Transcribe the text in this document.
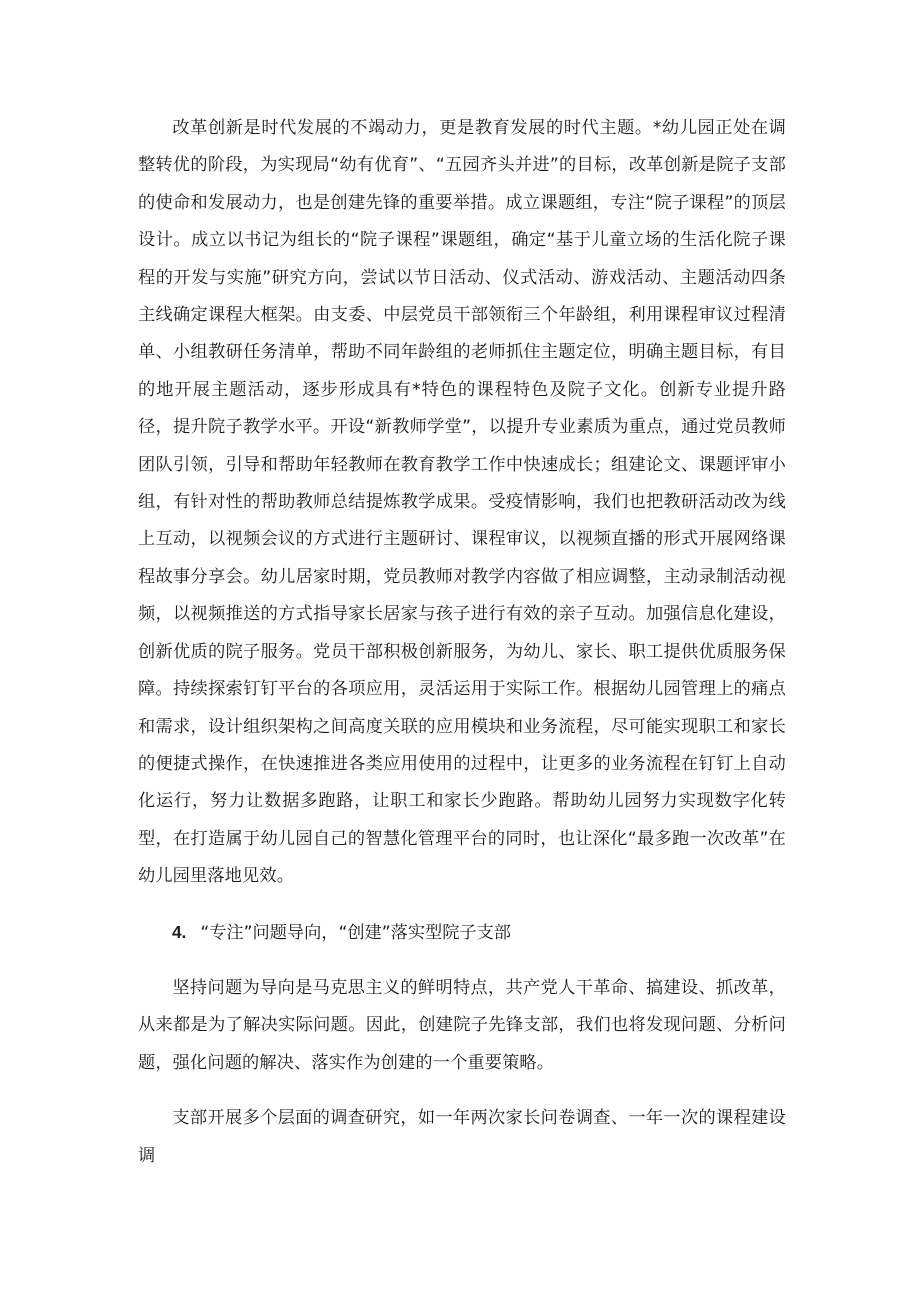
改革创新是时代发展的不竭动力，更是教育发展的时代主题。*幼儿园正处在调整转优的阶段，为实现局“幼有优育”、“五园齐头并进”的目标，改革创新是院子支部的使命和发展动力，也是创建先锋的重要举措。成立课题组，专注“院子课程”的顶层设计。成立以书记为组长的“院子课程”课题组，确定“基于儿童立场的生活化院子课程的开发与实施”研究方向，尝试以节日活动、仪式活动、游戏活动、主题活动四条主线确定课程大框架。由支委、中层党员干部领衔三个年龄组，利用课程审议过程清单、小组教研任务清单，帮助不同年龄组的老师抓住主题定位，明确主题目标，有目的地开展主题活动，逐步形成具有*特色的课程特色及院子文化。创新专业提升路径，提升院子教学水平。开设“新教师学堂”，以提升专业素质为重点，通过党员教师团队引领，引导和帮助年轻教师在教育教学工作中快速成长；组建论文、课题评审小组，有针对性的帮助教师总结提炼教学成果。受疫情影响，我们也把教研活动改为线上互动，以视频会议的方式进行主题研讨、课程审议，以视频直播的形式开展网络课程故事分享会。幼儿居家时期，党员教师对教学内容做了相应调整，主动录制活动视频，以视频推送的方式指导家长居家与孩子进行有效的亲子互动。加强信息化建设，创新优质的院子服务。党员干部积极创新服务，为幼儿、家长、职工提供优质服务保障。持续探索钉钉平台的各项应用，灵活运用于实际工作。根据幼儿园管理上的痛点和需求，设计组织架构之间高度关联的应用模块和业务流程，尽可能实现职工和家长的便捷式操作，在快速推进各类应用使用的过程中，让更多的业务流程在钉钉上自动化运行，努力让数据多跑路，让职工和家长少跑路。帮助幼儿园努力实现数字化转型，在打造属于幼儿园自己的智慧化管理平台的同时，也让深化“最多跑一次改革”在幼儿园里落地见效。

4. “专注”问题导向，“创建”落实型院子支部

坚持问题为导向是马克思主义的鲜明特点，共产党人干革命、搞建设、抓改革，从来都是为了解决实际问题。因此，创建院子先锋支部，我们也将发现问题、分析问题，强化问题的解决、落实作为创建的一个重要策略。

支部开展多个层面的调查研究，如一年两次家长问卷调查、一年一次的课程建设调
